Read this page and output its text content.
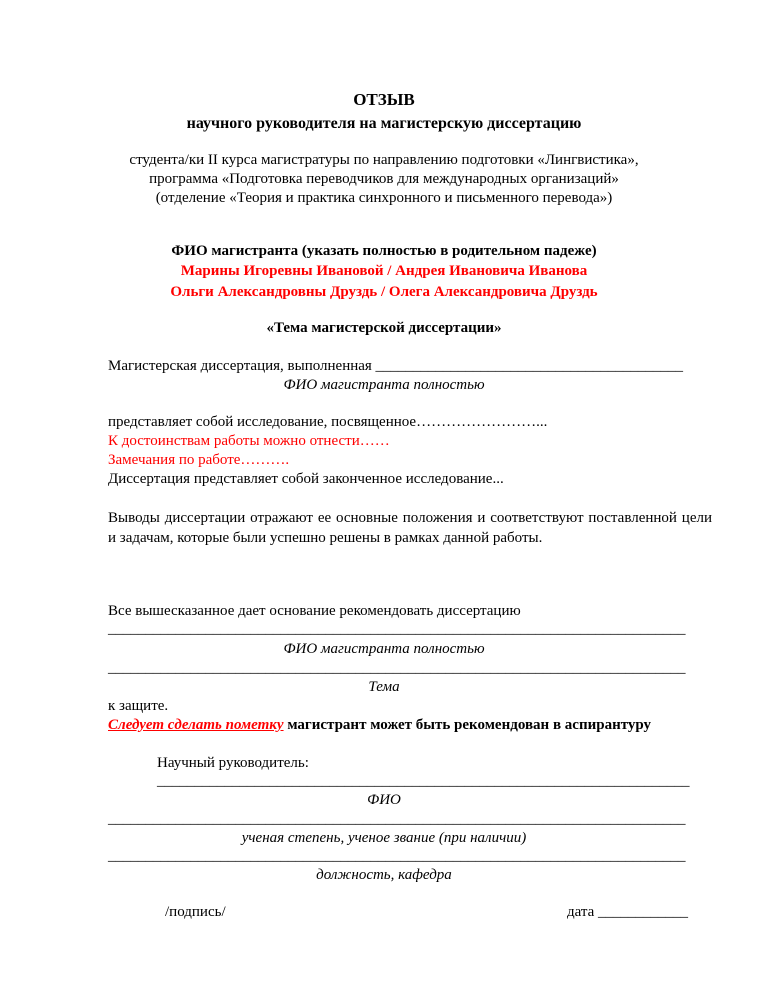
ОТЗЫВ
научного руководителя на магистерскую диссертацию
студента/ки II курса магистратуры по направлению подготовки «Лингвистика»,
программа «Подготовка переводчиков для международных организаций»
(отделение «Теория и практика синхронного и письменного перевода»)
ФИО магистранта (указать полностью в родительном падеже)
Марины Игоревны Ивановой / Андрея Ивановича Иванова
Ольги Александровны Друздь / Олега Александровича Друздь
«Тема магистерской диссертации»
Магистерская диссертация, выполненная _________________________________________
ФИО магистранта полностью
представляет собой исследование, посвященное……………………...
К достоинствам работы можно отнести……
Замечания по работе……….
Диссертация представляет собой законченное исследование...
Выводы диссертации отражают ее основные положения и соответствуют поставленной цели и задачам, которые были успешно решены в рамках данной работы.
Все вышесказанное дает основание рекомендовать диссертацию
_____________________________________________________________________________
ФИО магистранта полностью
_____________________________________________________________________________
Тема
к защите.
Следует сделать пометку магистрант может быть рекомендован в аспирантуру
Научный руководитель:
_______________________________________________________________________
ФИО
_____________________________________________________________________________
ученая степень, ученое звание (при наличии)
_____________________________________________________________________________
должность, кафедра
/подпись/	дата ____________
